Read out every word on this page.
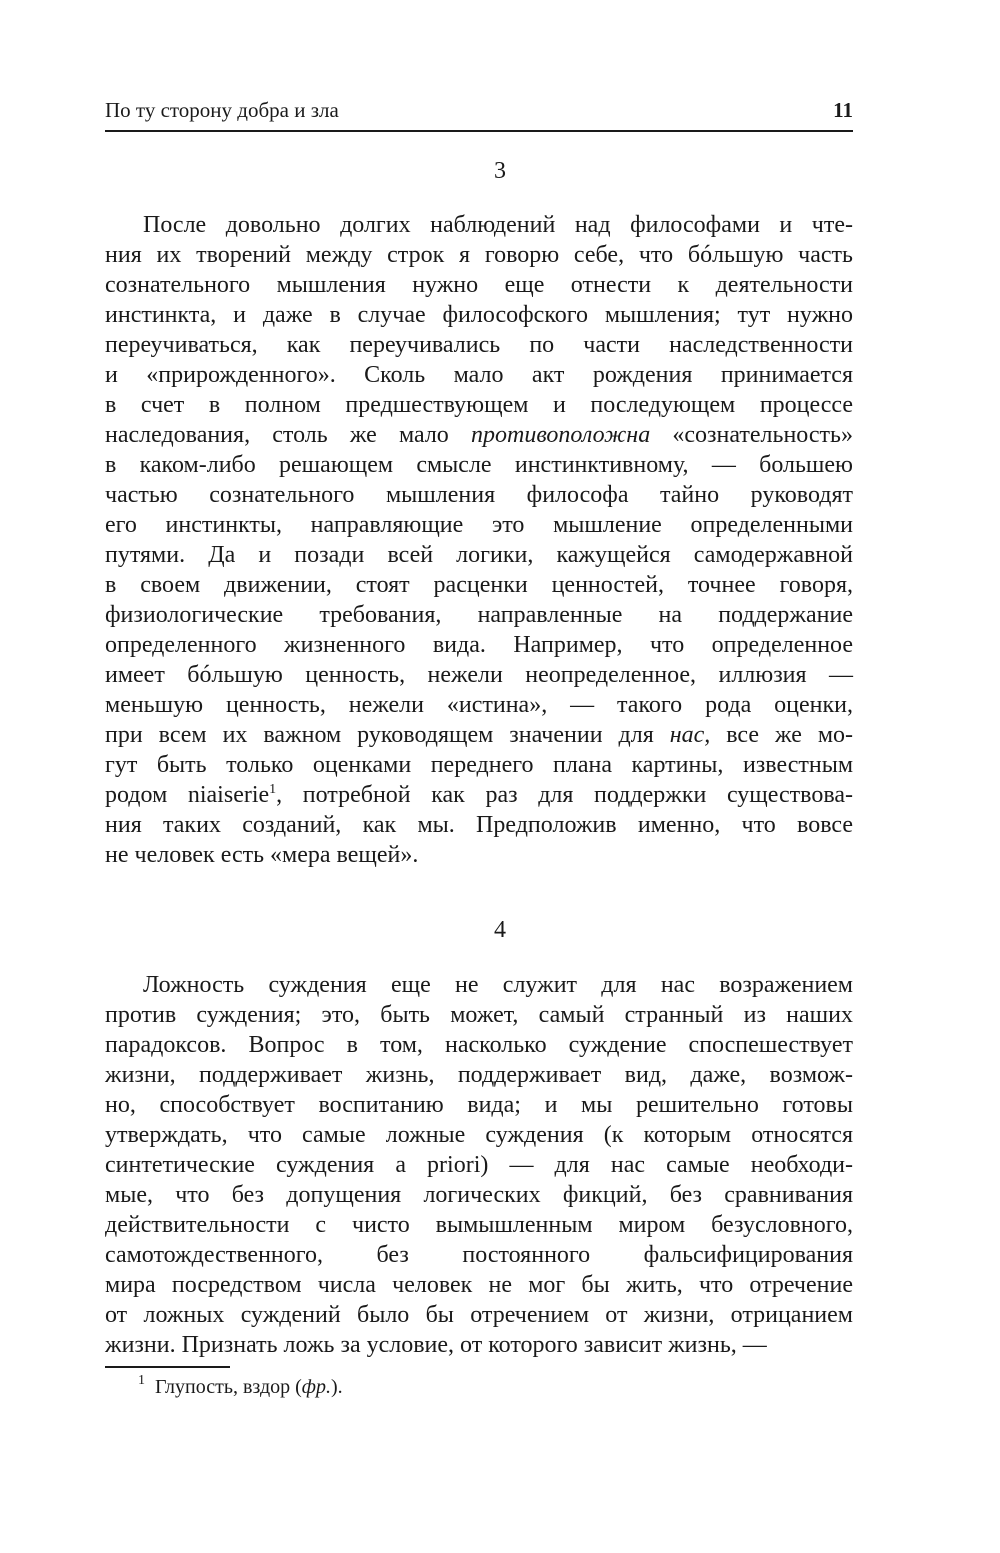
По ту сторону добра и зла	11
3
После довольно долгих наблюдений над философами и чте-
ния их творений между строк я говорю себе, что бóльшую часть
сознательного мышления нужно еще отнести к деятельности
инстинкта, и даже в случае философского мышления; тут нужно
переучиваться, как переучивались по части наследственности
и «прирожденного». Сколь мало акт рождения принимается
в счет в полном предшествующем и последующем процессе
наследования, столь же мало противоположна «сознательность»
в каком-либо решающем смысле инстинктивному, — большею
частью сознательного мышления философа тайно руководят
его инстинкты, направляющие это мышление определенными
путями. Да и позади всей логики, кажущейся самодержавной
в своем движении, стоят расценки ценностей, точнее говоря,
физиологические требования, направленные на поддержание
определенного жизненного вида. Например, что определенное
имеет бóльшую ценность, нежели неопределенное, иллюзия —
меньшую ценность, нежели «истина», — такого рода оценки,
при всем их важном руководящем значении для нас, все же мо-
гут быть только оценками переднего плана картины, известным
родом niaiserie$^1$, потребной как раз для поддержки существова-
ния таких созданий, как мы. Предположив именно, что вовсе
не человек есть «мера вещей».
4
Ложность суждения еще не служит для нас возражением
против суждения; это, быть может, самый странный из наших
парадоксов. Вопрос в том, насколько суждение споспешествует
жизни, поддерживает жизнь, поддерживает вид, даже, возмож-
но, способствует воспитанию вида; и мы решительно готовы
утверждать, что самые ложные суждения (к которым относятся
синтетические суждения a priori) — для нас самые необходи-
мые, что без допущения логических фикций, без сравнивания
действительности с чисто вымышленным миром безусловного,
самотождественного, без постоянного фальсифицирования
мира посредством числа человек не мог бы жить, что отречение
от ложных суждений было бы отречением от жизни, отрицанием
жизни. Признать ложь за условие, от которого зависит жизнь, —
$^1$ Глупость, вздор (фр.).
